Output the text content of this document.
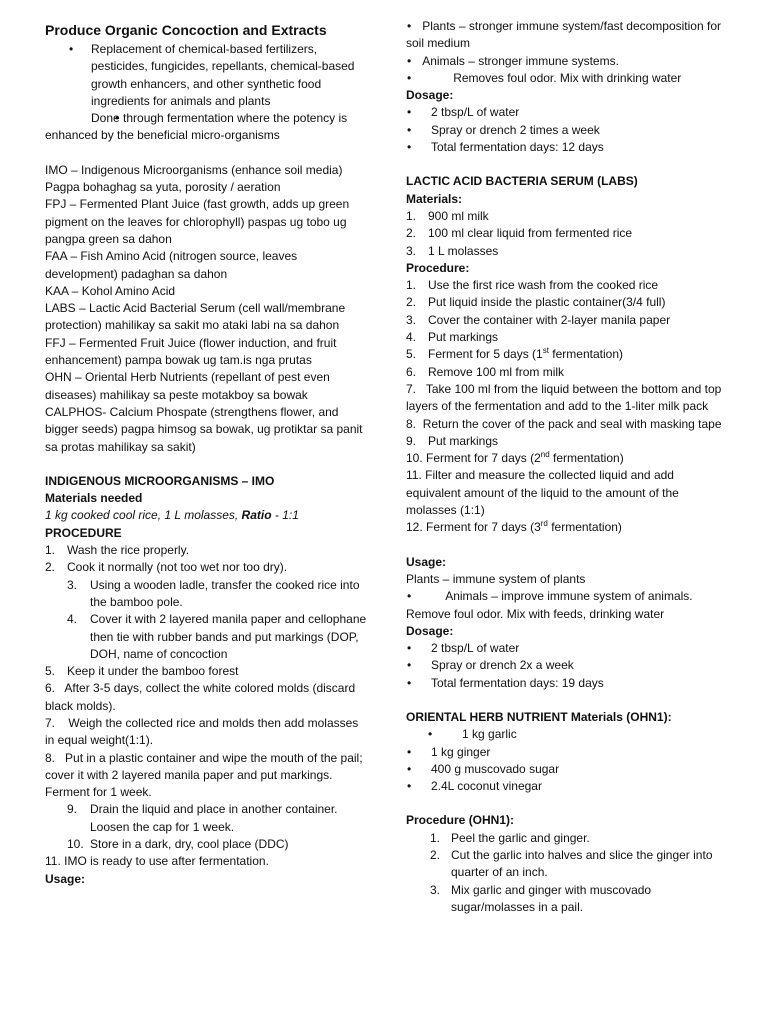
Produce Organic Concoction and Extracts

• Replacement of chemical-based fertilizers, pesticides, fungicides, repellants, chemical-based growth enhancers, and other synthetic food ingredients for animals and plants

• Done through fermentation where the potency is enhanced by the beneficial micro-organisms

IMO – Indigenous Microorganisms (enhance soil media)

Pagpa bohaghag sa yuta, porosity / aeration

FPJ – Fermented Plant Juice (fast growth, adds up green pigment on the leaves for chlorophyll) paspas ug tobo ug pangpa green sa dahon

FAA – Fish Amino Acid (nitrogen source, leaves development) padaghan sa dahon

KAA – Kohol Amino Acid

LABS – Lactic Acid Bacterial Serum (cell wall/membrane protection) mahilikay sa sakit mo ataki labi na sa dahon

FFJ – Fermented Fruit Juice (flower induction, and fruit enhancement) pampa bowak ug tam.is nga prutas

OHN – Oriental Herb Nutrients (repellant of pest even diseases) mahilikay sa peste motakboy sa bowak

CALPHOS- Calcium Phospate (strengthens flower, and bigger seeds) pagpa himsog sa bowak, ug protiktar sa panit sa protas mahilikay sa sakit)

INDIGENOUS MICROORGANISMS – IMO

Materials needed

1 kg cooked cool rice, 1 L molasses, Ratio - 1:1

PROCEDURE

1. Wash the rice properly.

2. Cook it normally (not too wet nor too dry).

3. Using a wooden ladle, transfer the cooked rice into the bamboo pole.

4. Cover it with 2 layered manila paper and cellophane then tie with rubber bands and put markings (DOP, DOH, name of concoction

5. Keep it under the bamboo forest

6. After 3-5 days, collect the white colored molds (discard black molds).

7. Weigh the collected rice and molds then add molasses in equal weight(1:1).

8. Put in a plastic container and wipe the mouth of the pail; cover it with 2 layered manila paper and put markings. Ferment for 1 week.

9. Drain the liquid and place in another container. Loosen the cap for 1 week.

10. Store in a dark, dry, cool place (DDC)

11. IMO is ready to use after fermentation.

Usage:

• Plants – stronger immune system/fast decomposition for soil medium

• Animals – stronger immune systems.

•	Removes foul odor. Mix with drinking water

Dosage:

• 2 tbsp/L of water

• Spray or drench 2 times a week

• Total fermentation days: 12 days

LACTIC ACID BACTERIA SERUM (LABS)

Materials:

1. 900 ml milk

2. 100 ml clear liquid from fermented rice

3. 1 L molasses

Procedure:

1. Use the first rice wash from the cooked rice

2. Put liquid inside the plastic container(3/4 full)

3. Cover the container with 2-layer manila paper

4. Put markings

5. Ferment for 5 days (1st fermentation)

6. Remove 100 ml from milk

7. Take 100 ml from the liquid between the bottom and top layers of the fermentation and add to the 1-liter milk pack

8. Return the cover of the pack and seal with masking tape

9. Put markings

10. Ferment for 7 days (2nd fermentation)

11. Filter and measure the collected liquid and add equivalent amount of the liquid to the amount of the molasses (1:1)

12. Ferment for 7 days (3rd fermentation)

Usage:

Plants – immune system of plants

•	Animals – improve immune system of animals. Remove foul odor. Mix with feeds, drinking water

Dosage:

• 2 tbsp/L of water

• Spray or drench 2x a week

• Total fermentation days: 19 days

ORIENTAL HERB NUTRIENT Materials (OHN1):

• 1 kg garlic

• 1 kg ginger

• 400 g muscovado sugar

• 2.4L coconut vinegar

Procedure (OHN1):

1. Peel the garlic and ginger.

2. Cut the garlic into halves and slice the ginger into quarter of an inch.

3. Mix garlic and ginger with muscovado sugar/molasses in a pail.
